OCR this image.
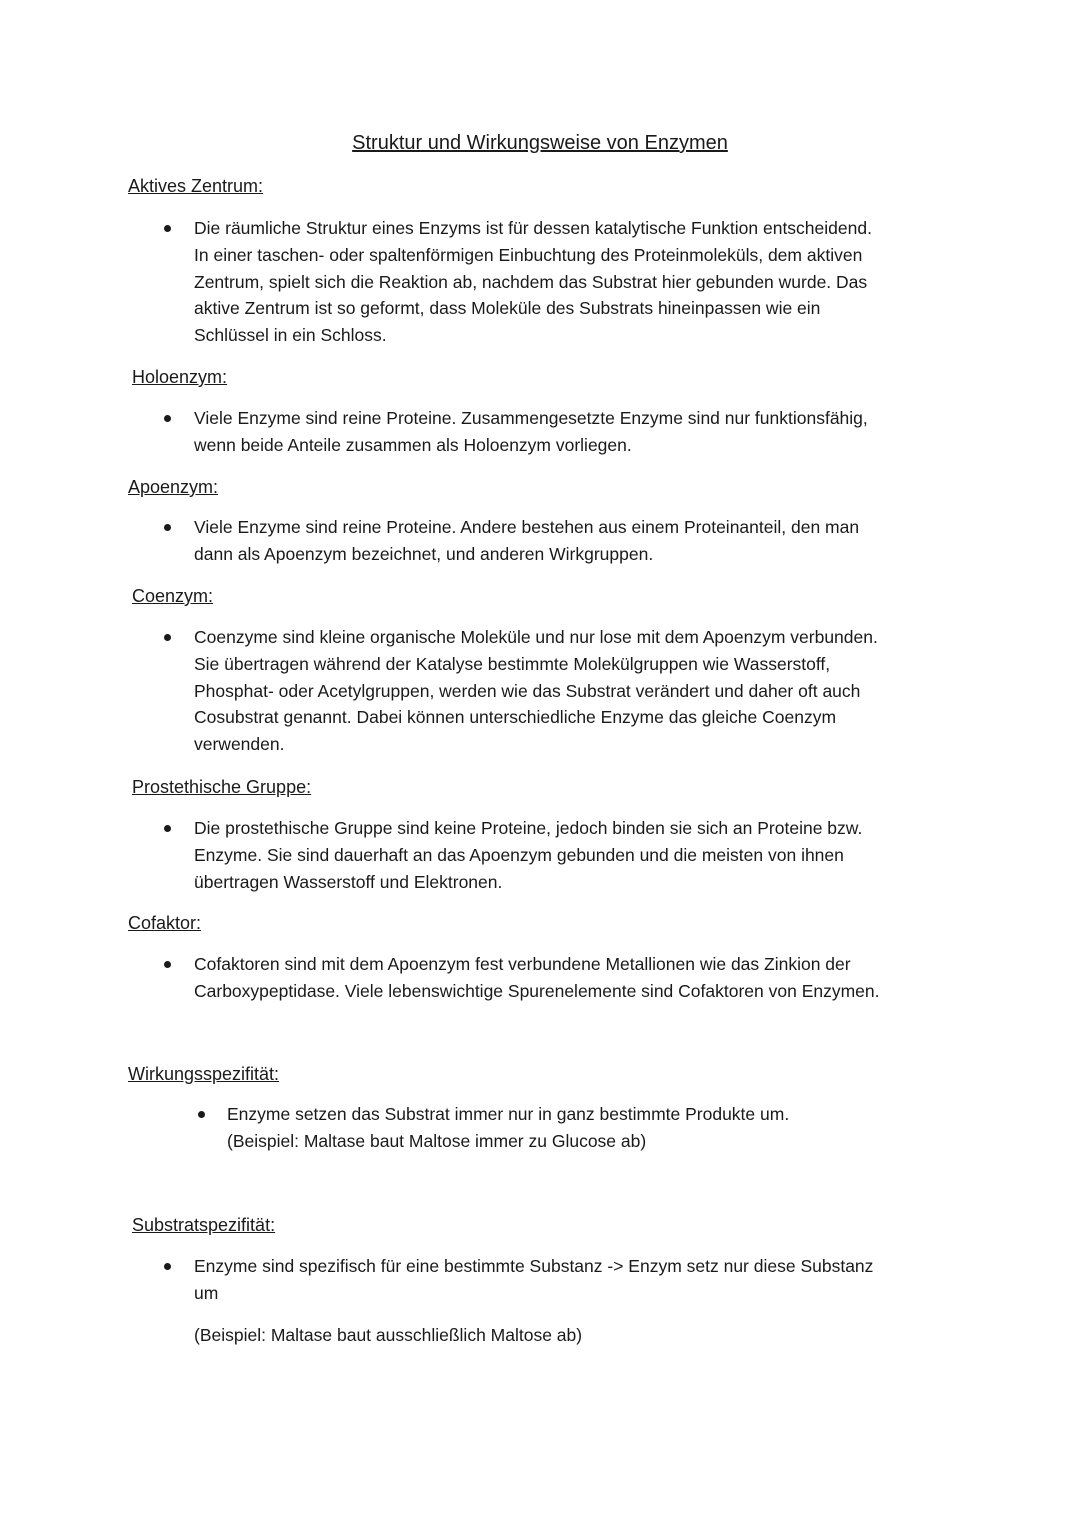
Struktur und Wirkungsweise von Enzymen
Aktives Zentrum:
Die räumliche Struktur eines Enzyms ist für dessen katalytische Funktion entscheidend.
In einer taschen- oder spaltenförmigen Einbuchtung des Proteinmoleküls, dem aktiven
Zentrum, spielt sich die Reaktion ab, nachdem das Substrat hier gebunden wurde. Das
aktive Zentrum ist so geformt, dass Moleküle des Substrats hineinpassen wie ein
Schlüssel in ein Schloss.
Holoenzym:
Viele Enzyme sind reine Proteine. Zusammengesetzte Enzyme sind nur funktionsfähig,
wenn beide Anteile zusammen als Holoenzym vorliegen.
Apoenzym:
Viele Enzyme sind reine Proteine. Andere bestehen aus einem Proteinanteil, den man
dann als Apoenzym bezeichnet, und anderen Wirkgruppen.
Coenzym:
Coenzyme sind kleine organische Moleküle und nur lose mit dem Apoenzym verbunden.
Sie übertragen während der Katalyse bestimmte Molekülgruppen wie Wasserstoff,
Phosphat- oder Acetylgruppen, werden wie das Substrat verändert und daher oft auch
Cosubstrat genannt. Dabei können unterschiedliche Enzyme das gleiche Coenzym
verwenden.
Prostethische Gruppe:
Die prostethische Gruppe sind keine Proteine, jedoch binden sie sich an Proteine bzw.
Enzyme. Sie sind dauerhaft an das Apoenzym gebunden und die meisten von ihnen
übertragen Wasserstoff und Elektronen.
Cofaktor:
Cofaktoren sind mit dem Apoenzym fest verbundene Metallionen wie das Zinkion der
Carboxypeptidase. Viele lebenswichtige Spurenelemente sind Cofaktoren von Enzymen.
Wirkungsspezifität:
Enzyme setzen das Substrat immer nur in ganz bestimmte Produkte um.
(Beispiel: Maltase baut Maltose immer zu Glucose ab)
Substratspezifität:
Enzyme sind spezifisch für eine bestimmte Substanz -> Enzym setz nur diese Substanz
um
(Beispiel: Maltase baut ausschließlich Maltose ab)
